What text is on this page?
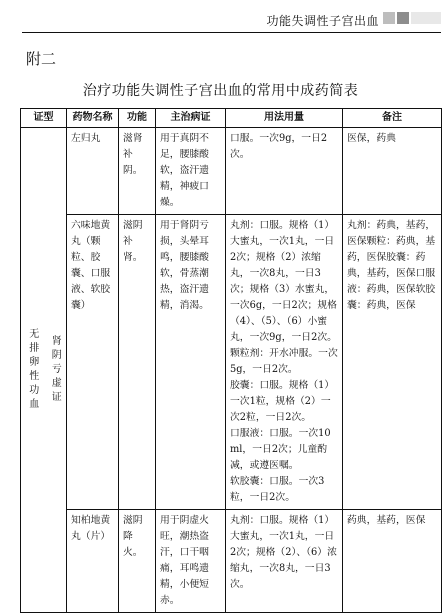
功能失调性子宫出血
附二
治疗功能失调性子宫出血的常用中成药简表
证型		药物名称	功能	主治病证	用法用量	备注
无排卵性功血	肾阴亏虚证	左归丸	滋肾补阴。	用于真阴不足，腰膝酸软，盗汗遗精，神疲口燥。	口服。一次9g，一日2次。	医保，药典
		六味地黄丸（颗粒、胶囊、口服液、软胶囊）	滋阴补肾。	用于肾阴亏损，头晕耳鸣，腰膝酸软，骨蒸潮热，盗汗遗精，消渴。	丸剂：口服。规格（1）大蜜丸，一次1丸，一日2次；规格（2）浓缩丸，一次8丸，一日3次；规格（3）水蜜丸，一次6g，一日2次；规格（4）、（5）、（6）小蜜丸，一次9g，一日2次。
颗粒剂：开水冲服。一次5g，一日2次。
胶囊：口服。规格（1）一次1粒，规格（2）一次2粒，一日2次。
口服液：口服。一次10ml，一日2次；儿童酌减，或遵医嘱。
软胶囊：口服。一次3粒，一日2次。	丸剂：药典，基药，医保颗粒：药典，基药，医保胶囊：药典，基药，医保口服液：药典，医保软胶囊：药典，医保
		知柏地黄丸（片）	滋阴降火。	用于阴虚火旺，潮热盗汗，口干咽痛，耳鸣遗精，小便短赤。	丸剂：口服。规格（1）大蜜丸，一次1丸，一日2次；规格（2）、（6）浓缩丸，一次8丸，一日3次。	药典，基药，医保
